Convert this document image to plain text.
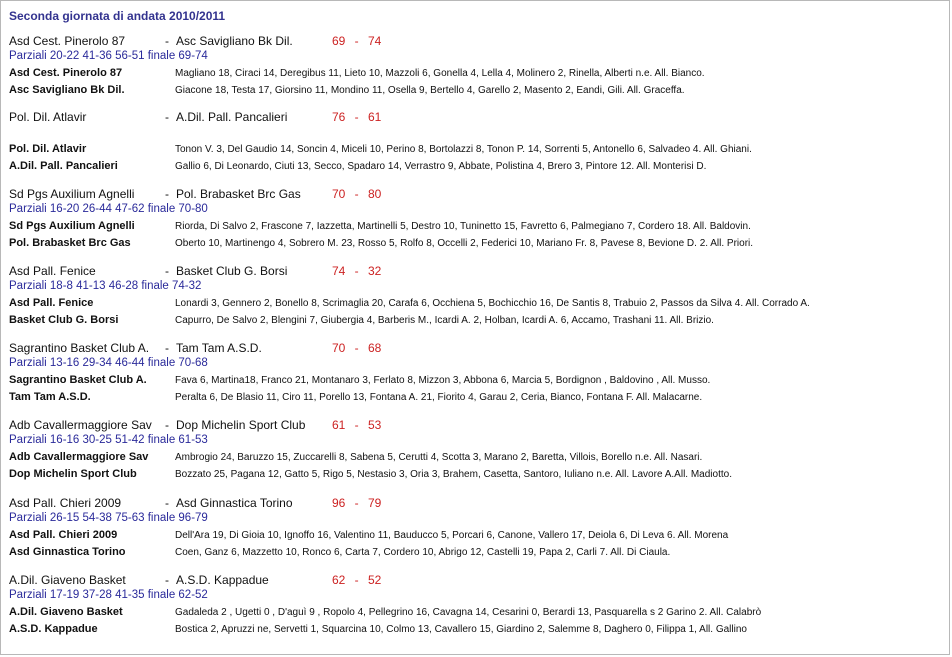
Seconda giornata di andata 2010/2011
Asd Cest. Pinerolo 87	- Asc Savigliano Bk Dil.	69 - 74
Parziali 20-22 41-36 56-51 finale 69-74
Asd Cest. Pinerolo 87	Magliano 18, Ciraci 14, Deregibus 11, Lieto 10, Mazzoli 6, Gonella 4, Lella 4, Molinero 2, Rinella, Alberti n.e. All. Bianco.
Asc Savigliano Bk Dil.	Giacone 18, Testa 17, Giorsino 11, Mondino 11, Osella 9, Bertello 4, Garello 2, Masento 2, Eandi, Gili. All. Graceffa.
Pol. Dil. Atlavir	- A.Dil. Pall. Pancalieri	76 - 61
Pol. Dil. Atlavir	Tonon V. 3, Del Gaudio 14, Soncin 4, Miceli 10, Perino 8, Bortolazzi 8, Tonon P. 14, Sorrenti 5, Antonello 6, Salvadeo 4. All. Ghiani.
A.Dil. Pall. Pancalieri	Gallio 6, Di Leonardo, Ciuti 13, Secco, Spadaro 14, Verrastro 9, Abbate, Polistina 4, Brero 3, Pintore 12. All. Monterisi D.
Sd Pgs Auxilium Agnelli	- Pol. Brabasket Brc Gas	70 - 80
Parziali 16-20 26-44 47-62 finale 70-80
Sd Pgs Auxilium Agnelli	Riorda, Di Salvo 2, Frascone 7, Iazzetta, Martinelli 5, Destro 10, Tuninetto 15, Favretto 6, Palmegiano 7, Cordero 18. All. Baldovin.
Pol. Brabasket Brc Gas	Oberto 10, Martinengo 4, Sobrero M. 23, Rosso 5, Rolfo 8, Occelli 2, Federici 10, Mariano Fr. 8, Pavese 8, Bevione D. 2. All. Priori.
Asd Pall. Fenice	- Basket Club G. Borsi	74 - 32
Parziali 18-8 41-13 46-28 finale 74-32
Asd Pall. Fenice	Lonardi 3, Gennero 2, Bonello 8, Scrimaglia 20, Carafa 6, Occhiena 5, Bochicchio 16, De Santis 8, Trabuio 2, Passos da Silva 4. All. Corrado A.
Basket Club G. Borsi	Capurro, De Salvo 2, Blengini 7, Giubergia 4, Barberis M., Icardi A. 2, Holban, Icardi A. 6, Accamo, Trashani 11. All. Brizio.
Sagrantino Basket Club A. - Tam Tam A.S.D.	70 - 68
Parziali 13-16 29-34 46-44 finale 70-68
Sagrantino Basket Club A.	Fava 6, Martina18, Franco 21, Montanaro 3, Ferlato 8, Mizzon 3, Abbona 6, Marcia 5, Bordignon , Baldovino , All. Musso.
Tam Tam A.S.D.	Peralta 6, De Blasio 11, Ciro 11, Porello 13, Fontana A. 21, Fiorito 4, Garau 2, Ceria, Bianco, Fontana F. All. Malacarne.
Adb Cavallermaggiore Sav - Dop Michelin Sport Club 61 - 53
Parziali 16-16 30-25 51-42 finale 61-53
Adb Cavallermaggiore Sav	Ambrogio 24, Baruzzo 15, Zuccarelli 8, Sabena 5, Cerutti 4, Scotta 3, Marano 2, Baretta, Villois, Borello n.e. All. Nasari.
Dop Michelin Sport Club	Bozzato 25, Pagana 12, Gatto 5, Rigo 5, Nestasio 3, Oria 3, Brahem, Casetta, Santoro, Iuliano n.e. All. Lavore A.All. Madiotto.
Asd Pall. Chieri 2009	- Asd Ginnastica Torino	96 - 79
Parziali 26-15 54-38 75-63 finale 96-79
Asd Pall. Chieri 2009	Dell'Ara 19, Di Gioia 10, Ignoffo 16, Valentino 11, Bauducco 5, Porcari 6, Canone, Vallero 17, Deiola 6, Di Leva 6. All. Morena
Asd Ginnastica Torino	Coen, Ganz 6, Mazzetto 10, Ronco 6, Carta 7, Cordero 10, Abrigo 12, Castelli 19, Papa 2, Carli 7. All. Di Ciaula.
A.Dil. Giaveno Basket	- A.S.D. Kappadue	62 - 52
Parziali 17-19 37-28 41-35 finale 62-52
A.Dil. Giaveno Basket	Gadaleda 2 , Ugetti 0 , D'aguì 9 , Ropolo 4, Pellegrino 16, Cavagna 14, Cesarini 0, Berardi 13, Pasquarella s 2 Garino 2. All. Calabrò
A.S.D. Kappadue	Bostica 2, Apruzzi ne, Servetti 1, Squarcina 10, Colmo 13, Cavallero 15, Giardino 2, Salemme 8, Daghero 0, Filippa 1, All. Gallino
